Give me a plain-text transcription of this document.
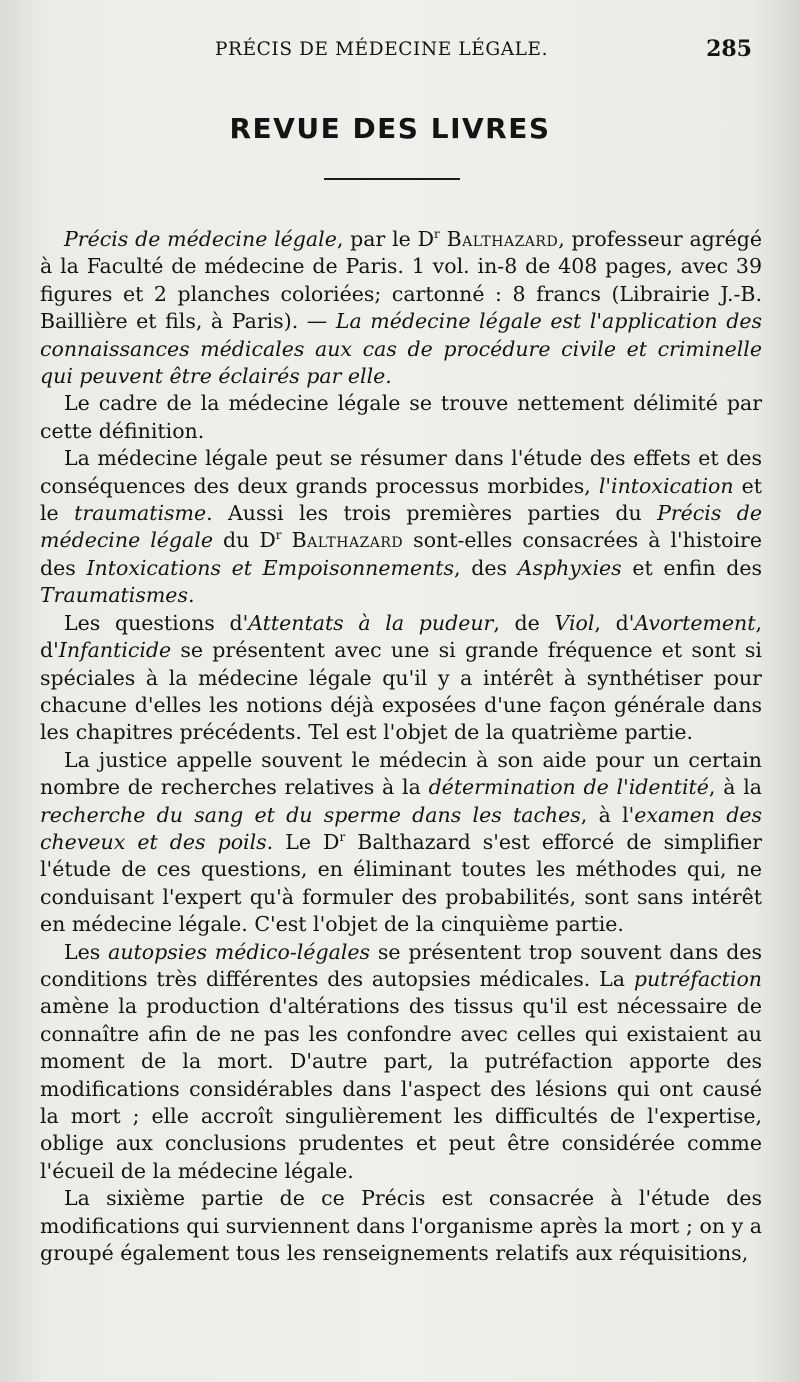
PRÉCIS DE MÉDECINE LÉGALE.	285
REVUE DES LIVRES

Précis de médecine légale, par le $D^r$ Balthazard, professeur agrégé à la Faculté de médecine de Paris. 1 vol. in-8 de 408 pages, avec 39 figures et 2 planches coloriées; cartonné : 8 francs (Librairie J.-B. Baillière et fils, à Paris). — La médecine légale est l'application des connaissances médicales aux cas de procédure civile et criminelle qui peuvent être éclairés par elle.

Le cadre de la médecine légale se trouve nettement délimité par cette définition.

La médecine légale peut se résumer dans l'étude des effets et des conséquences des deux grands processus morbides, l'intoxication et le traumatisme. Aussi les trois premières parties du Précis de médecine légale du $D^r$ Balthazard sont-elles consacrées à l'histoire des Intoxications et Empoisonnements, des Asphyxies et enfin des Traumatismes.

Les questions d'Attentats à la pudeur, de Viol, d'Avortement, d'Infanticide se présentent avec une si grande fréquence et sont si spéciales à la médecine légale qu'il y a intérêt à synthétiser pour chacune d'elles les notions déjà exposées d'une façon générale dans les chapitres précédents. Tel est l'objet de la quatrième partie.

La justice appelle souvent le médecin à son aide pour un certain nombre de recherches relatives à la détermination de l'identité, à la recherche du sang et du sperme dans les taches, à l'examen des cheveux et des poils. Le $D^r$ Balthazard s'est efforcé de simplifier l'étude de ces questions, en éliminant toutes les méthodes qui, ne conduisant l'expert qu'à formuler des probabilités, sont sans intérêt en médecine légale. C'est l'objet de la cinquième partie.

Les autopsies médico-légales se présentent trop souvent dans des conditions très différentes des autopsies médicales. La putréfaction amène la production d'altérations des tissus qu'il est nécessaire de connaître afin de ne pas les confondre avec celles qui existaient au moment de la mort. D'autre part, la putréfaction apporte des modifications considérables dans l'aspect des lésions qui ont causé la mort ; elle accroît singulièrement les difficultés de l'expertise, oblige aux conclusions prudentes et peut être considérée comme l'écueil de la médecine légale.

La sixième partie de ce Précis est consacrée à l'étude des modifications qui surviennent dans l'organisme après la mort ; on y a groupé également tous les renseignements relatifs aux réquisitions,
